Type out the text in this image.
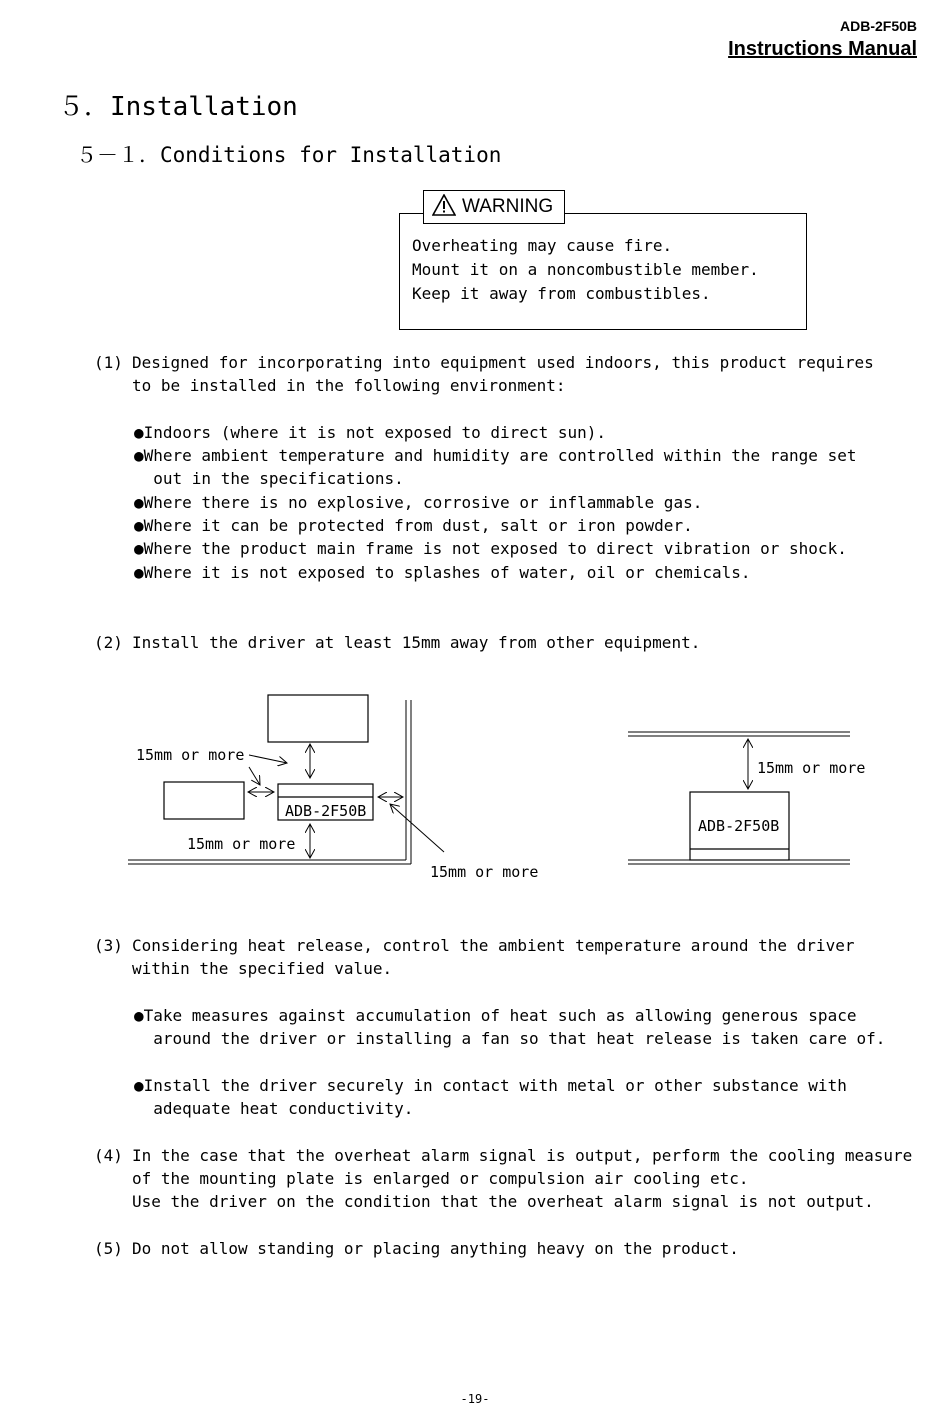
ADB-2F50B
Instructions Manual
５．Installation
５－１．Conditions for Installation
WARNING
Overheating may cause fire.
Mount it on a noncombustible member.
Keep it away from combustibles.
(1) Designed for incorporating into equipment used indoors, this product requires
to be installed in the following environment:
●Indoors (where it is not exposed to direct sun).
●Where ambient temperature and humidity are controlled within the range set
out in the specifications.
●Where there is no explosive, corrosive or inflammable gas.
●Where it can be protected from dust, salt or iron powder.
●Where the product main frame is not exposed to direct vibration or shock.
●Where it is not exposed to splashes of water, oil or chemicals.
(2) Install the driver at least 15mm away from other equipment.
ADB-2F50B
15mm or more
15mm or more
15mm or more
ADB-2F50B
15mm or more
(3) Considering heat release, control the ambient temperature around the driver
within the specified value.
●Take measures against accumulation of heat such as allowing generous space
around the driver or installing a fan so that heat release is taken care of.
●Install the driver securely in contact with metal or other substance with
adequate heat conductivity.
(4) In the case that the overheat alarm signal is output, perform the cooling measure
of the mounting plate is enlarged or compulsion air cooling etc.
Use the driver on the condition that the overheat alarm signal is not output.
(5) Do not allow standing or placing anything heavy on the product.
-19-
